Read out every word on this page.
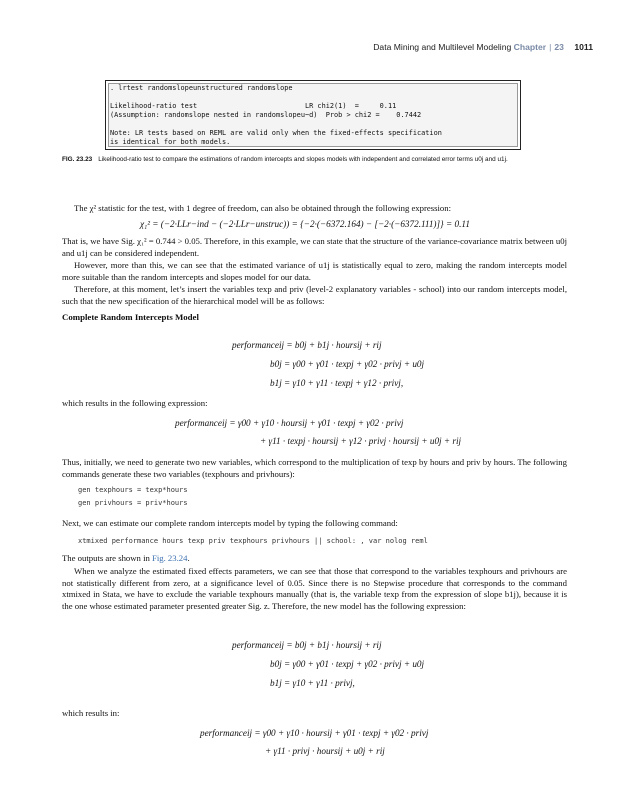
Data Mining and Multilevel Modeling Chapter | 23 1011
. lrtest randomslopeunstructured randomslope
Likelihood-ratio test                          LR chi2(1)  =     0.11
(Assumption: randomslope nested in randomslopeu~d)  Prob > chi2 =    0.7442
Note: LR tests based on REML are valid only when the fixed-effects specification
is identical for both models.
FIG. 23.23 Likelihood-ratio test to compare the estimations of random intercepts and slopes models with independent and correlated error terms u0j and u1j.
The χ² statistic for the test, with 1 degree of freedom, can also be obtained through the following expression:
χ₁² = (−2·LLr−ind − (−2·LLr−unstruc)) = {−2·(−6372.164) − [−2·(−6372.111)]} = 0.11
That is, we have Sig. χ₁² = 0.744 > 0.05. Therefore, in this example, we can state that the structure of the variance-covariance matrix between u0j and u1j can be considered independent.
However, more than this, we can see that the estimated variance of u1j is statistically equal to zero, making the random intercepts model more suitable than the random intercepts and slopes model for our data.
Therefore, at this moment, let’s insert the variables texp and priv (level-2 explanatory variables - school) into our random intercepts model, such that the new specification of the hierarchical model will be as follows:
Complete Random Intercepts Model
performanceij = b0j + b1j · hoursij + rij
b0j = γ00 + γ01 · texpj + γ02 · privj + u0j
b1j = γ10 + γ11 · texpj + γ12 · privj,
which results in the following expression:
performanceij = γ00 + γ10 · hoursij + γ01 · texpj + γ02 · privj
+ γ11 · texpj · hoursij + γ12 · privj · hoursij + u0j + rij
Thus, initially, we need to generate two new variables, which correspond to the multiplication of texp by hours and priv by hours. The following commands generate these two variables (texphours and privhours):
gen texphours = texp*hours
gen privhours = priv*hours
Next, we can estimate our complete random intercepts model by typing the following command:
xtmixed performance hours texp priv texphours privhours || school: , var nolog reml
The outputs are shown in Fig. 23.24.
When we analyze the estimated fixed effects parameters, we can see that those that correspond to the variables texphours and privhours are not statistically different from zero, at a significance level of 0.05. Since there is no Stepwise procedure that corresponds to the command xtmixed in Stata, we have to exclude the variable texphours manually (that is, the variable texp from the expression of slope b1j), because it is the one whose estimated parameter presented greater Sig. z. Therefore, the new model has the following expression:
performanceij = b0j + b1j · hoursij + rij
b0j = γ00 + γ01 · texpj + γ02 · privj + u0j
b1j = γ10 + γ11 · privj,
which results in:
performanceij = γ00 + γ10 · hoursij + γ01 · texpj + γ02 · privj
+ γ11 · privj · hoursij + u0j + rij
